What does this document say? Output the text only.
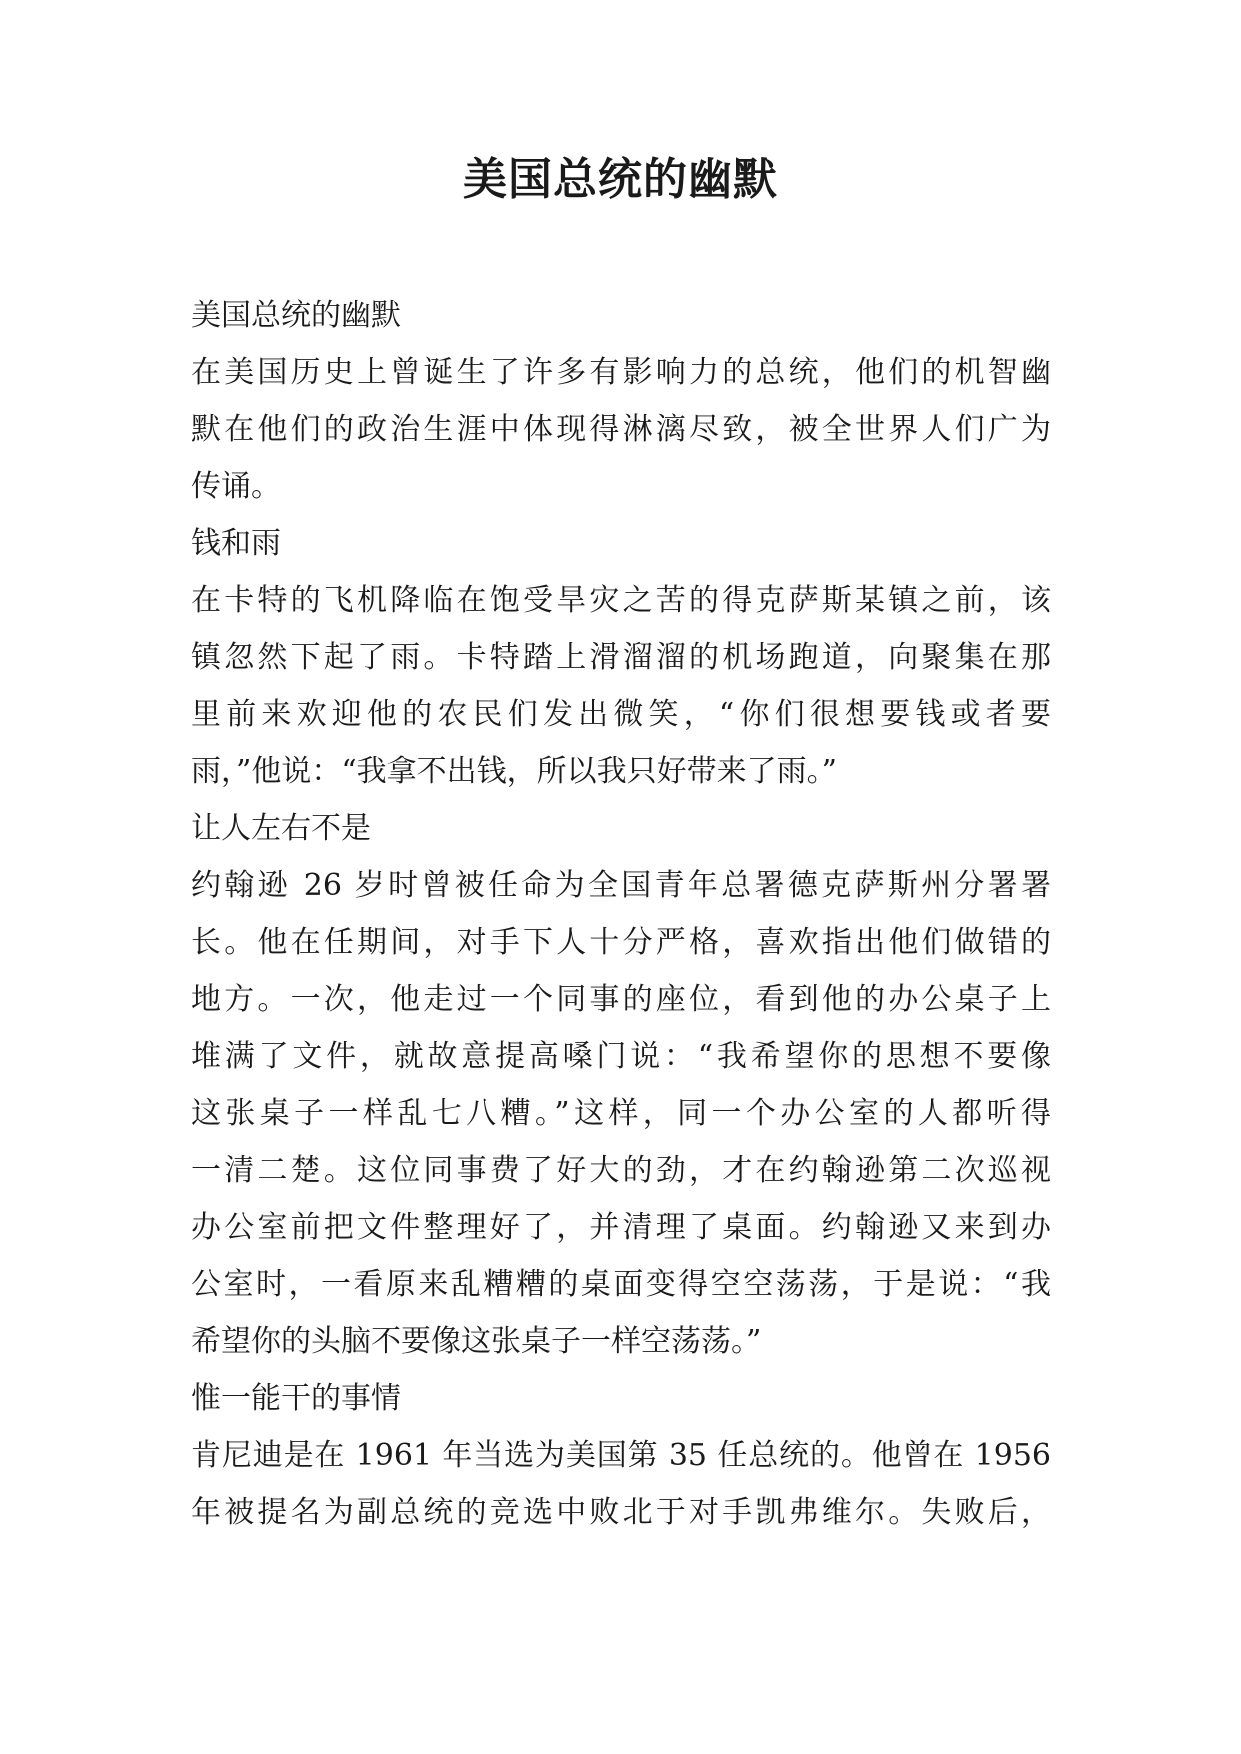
美国总统的幽默
美国总统的幽默
在美国历史上曾诞生了许多有影响力的总统，他们的机智幽
默在他们的政治生涯中体现得淋漓尽致，被全世界人们广为
传诵。
钱和雨
在卡特的飞机降临在饱受旱灾之苦的得克萨斯某镇之前，该
镇忽然下起了雨。卡特踏上滑溜溜的机场跑道，向聚集在那
里前来欢迎他的农民们发出微笑，“你们很想要钱或者要
雨，”他说：“我拿不出钱，所以我只好带来了雨。”
让人左右不是
约翰逊 26 岁时曾被任命为全国青年总署德克萨斯州分署署
长。他在任期间，对手下人十分严格，喜欢指出他们做错的
地方。一次，他走过一个同事的座位，看到他的办公桌子上
堆满了文件，就故意提高嗓门说：“我希望你的思想不要像
这张桌子一样乱七八糟。”这样，同一个办公室的人都听得
一清二楚。这位同事费了好大的劲，才在约翰逊第二次巡视
办公室前把文件整理好了，并清理了桌面。约翰逊又来到办
公室时，一看原来乱糟糟的桌面变得空空荡荡，于是说：“我
希望你的头脑不要像这张桌子一样空荡荡。”
惟一能干的事情
肯尼迪是在 1961 年当选为美国第 35 任总统的。他曾在 1956
年被提名为副总统的竞选中败北于对手凯弗维尔。失败后，
